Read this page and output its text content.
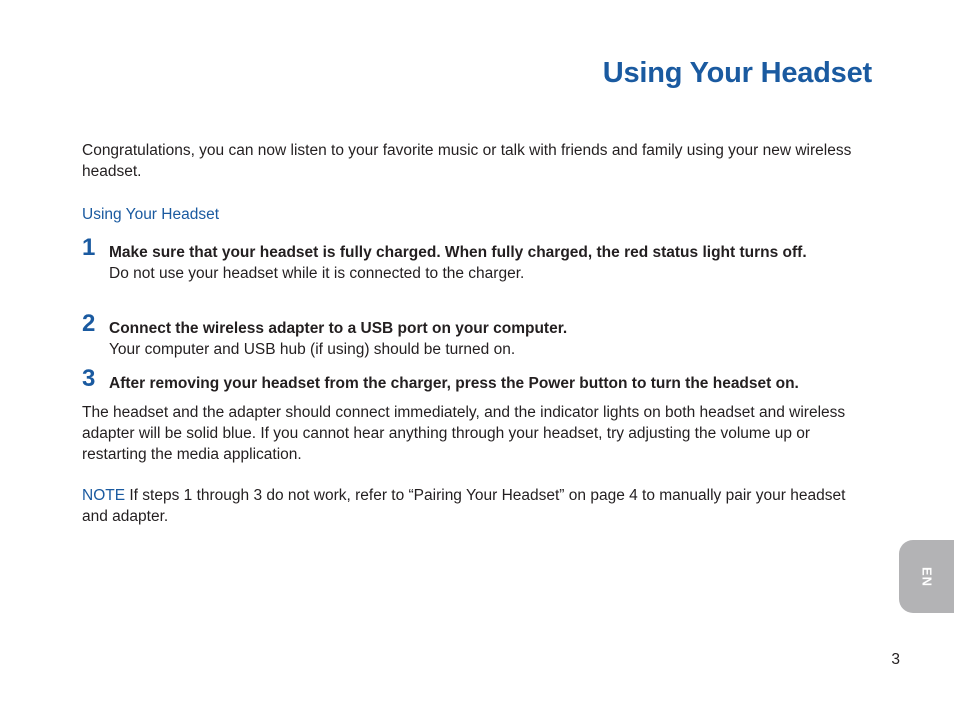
Using Your Headset

Congratulations, you can now listen to your favorite music or talk with friends and family using your new wireless headset.

Using Your Headset
1 Make sure that your headset is fully charged. When fully charged, the red status light turns off.

Do not use your headset while it is connected to the charger.

2 Connect the wireless adapter to a USB port on your computer.

Your computer and USB hub (if using) should be turned on.

3 After removing your headset from the charger, press the Power button to turn the headset on.

The headset and the adapter should connect immediately, and the indicator lights on both headset and wireless adapter will be solid blue. If you cannot hear anything through your headset, try adjusting the volume up or restarting the media application.

NOTE If steps 1 through 3 do not work, refer to “Pairing Your Headset” on page 4 to manually pair your headset and adapter.

EN
3
